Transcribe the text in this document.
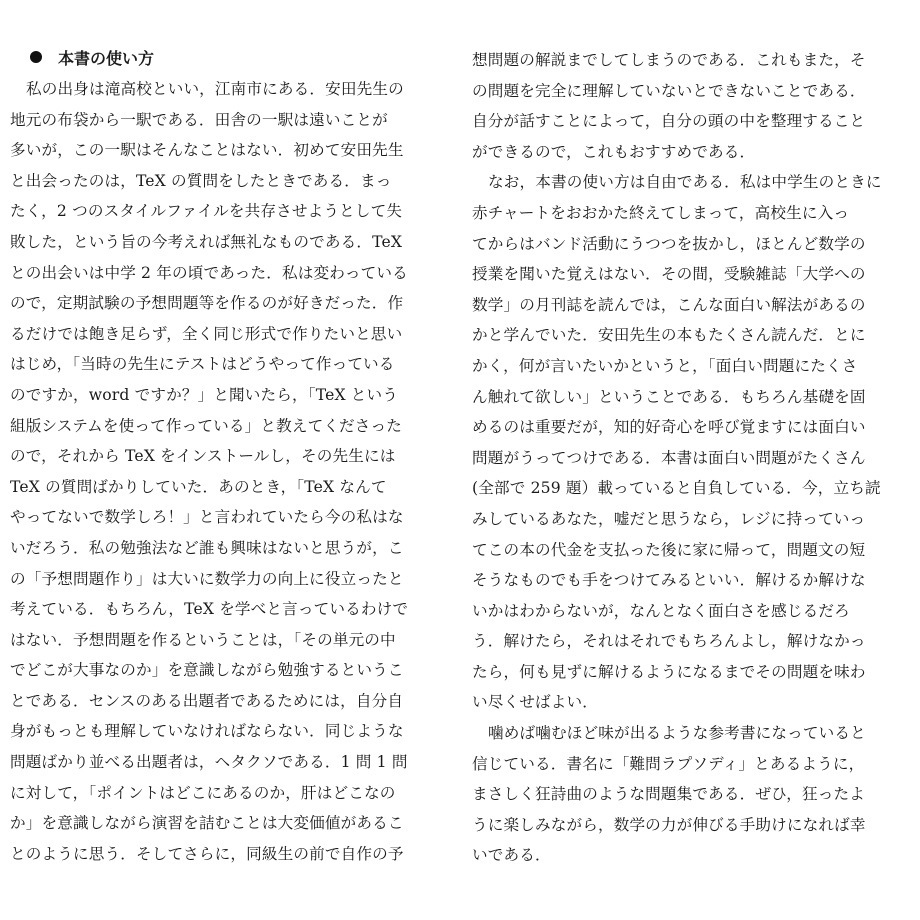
本書の使い方
私の出身は滝高校といい，江南市にある．安田先生の
地元の布袋から一駅である．田舎の一駅は遠いことが
多いが，この一駅はそんなことはない．初めて安田先生
と出会ったのは，TeX の質問をしたときである．まっ
たく，2 つのスタイルファイルを共存させようとして失
敗した，という旨の今考えれば無礼なものである．TeX
との出会いは中学 2 年の頃であった．私は変わっている
ので，定期試験の予想問題等を作るのが好きだった．作
るだけでは飽き足らず，全く同じ形式で作りたいと思い
はじめ，「当時の先生にテストはどうやって作っている
のですか，word ですか？」と聞いたら，「TeX という
組版システムを使って作っている」と教えてくださった
ので，それから TeX をインストールし，その先生には
TeX の質問ばかりしていた．あのとき，「TeX なんて
やってないで数学しろ！」と言われていたら今の私はな
いだろう．私の勉強法など誰も興味はないと思うが，こ
の「予想問題作り」は大いに数学力の向上に役立ったと
考えている．もちろん，TeX を学べと言っているわけで
はない．予想問題を作るということは，「その単元の中
でどこが大事なのか」を意識しながら勉強するというこ
とである．センスのある出題者であるためには，自分自
身がもっとも理解していなければならない．同じような
問題ばかり並べる出題者は，ヘタクソである．1 問 1 問
に対して，「ポイントはどこにあるのか，肝はどこなの
か」を意識しながら演習を詰むことは大変価値があるこ
とのように思う．そしてさらに，同級生の前で自作の予
想問題の解説までしてしまうのである．これもまた，そ
の問題を完全に理解していないとできないことである．
自分が話すことによって，自分の頭の中を整理すること
ができるので，これもおすすめである．
なお，本書の使い方は自由である．私は中学生のときに
赤チャートをおおかた終えてしまって，高校生に入っ
てからはバンド活動にうつつを抜かし，ほとんど数学の
授業を聞いた覚えはない．その間，受験雑誌「大学への
数学」の月刊誌を読んでは，こんな面白い解法があるの
かと学んでいた．安田先生の本もたくさん読んだ．とに
かく，何が言いたいかというと，「面白い問題にたくさ
ん触れて欲しい」ということである．もちろん基礎を固
めるのは重要だが，知的好奇心を呼び覚ますには面白い
問題がうってつけである．本書は面白い問題がたくさん
(全部で 259 題）載っていると自負している．今，立ち読
みしているあなた，嘘だと思うなら，レジに持っていっ
てこの本の代金を支払った後に家に帰って，問題文の短
そうなものでも手をつけてみるといい．解けるか解けな
いかはわからないが，なんとなく面白さを感じるだろ
う．解けたら，それはそれでもちろんよし，解けなかっ
たら，何も見ずに解けるようになるまでその問題を味わ
い尽くせばよい．
噛めば噛むほど味が出るような参考書になっていると
信じている．書名に「難問ラプソディ」とあるように，
まさしく狂詩曲のような問題集である．ぜひ，狂ったよ
うに楽しみながら，数学の力が伸びる手助けになれば幸
いである．
